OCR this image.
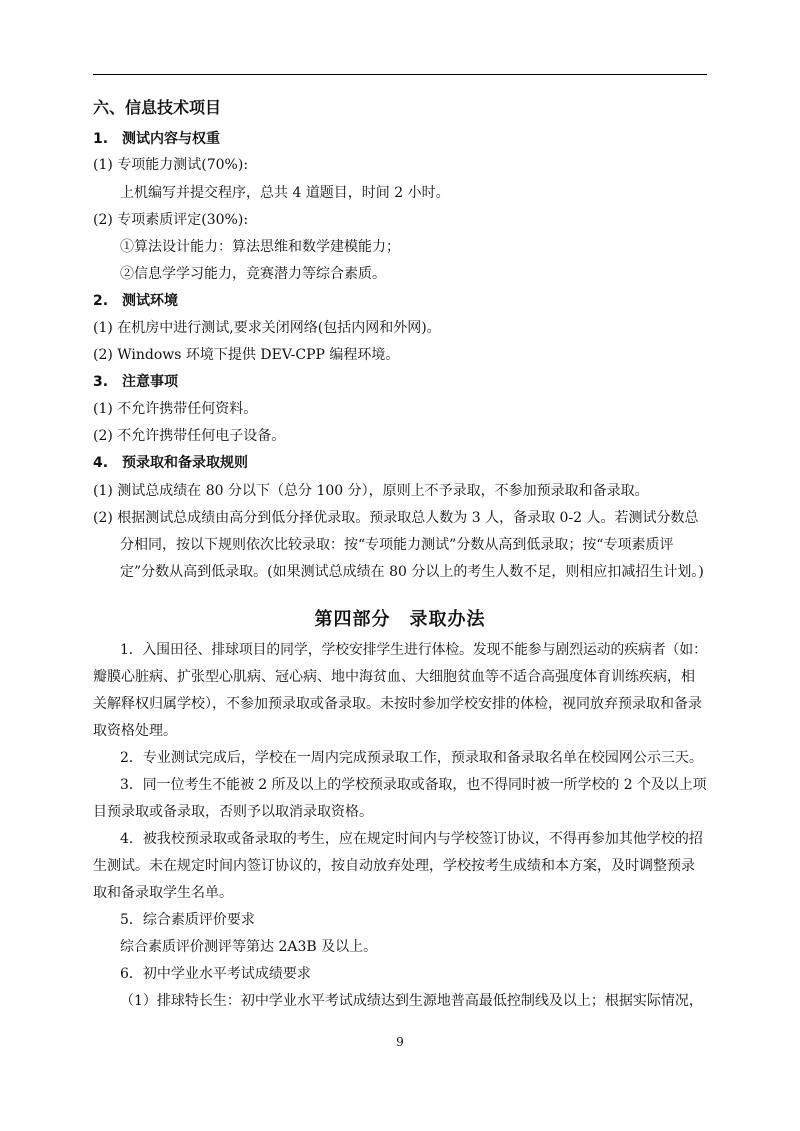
六、信息技术项目
1.　测试内容与权重
(1) 专项能力测试(70%):
上机编写并提交程序，总共 4 道题目，时间 2 小时。
(2) 专项素质评定(30%):
①算法设计能力：算法思维和数学建模能力；
②信息学学习能力，竞赛潜力等综合素质。
2.　测试环境
(1) 在机房中进行测试,要求关闭网络(包括内网和外网)。
(2) Windows 环境下提供 DEV-CPP 编程环境。
3.　注意事项
(1) 不允许携带任何资料。
(2) 不允许携带任何电子设备。
4.　预录取和备录取规则
(1) 测试总成绩在 80 分以下（总分 100 分），原则上不予录取，不参加预录取和备录取。
(2) 根据测试总成绩由高分到低分择优录取。预录取总人数为 3 人，备录取 0-2 人。若测试分数总
分相同，按以下规则依次比较录取：按“专项能力测试”分数从高到低录取；按“专项素质评
定”分数从高到低录取。(如果测试总成绩在 80 分以上的考生人数不足，则相应扣减招生计划。)
第四部分　录取办法
1．入围田径、排球项目的同学，学校安排学生进行体检。发现不能参与剧烈运动的疾病者（如：
瓣膜心脏病、扩张型心肌病、冠心病、地中海贫血、大细胞贫血等不适合高强度体育训练疾病，相
关解释权归属学校），不参加预录取或备录取。未按时参加学校安排的体检，视同放弃预录取和备录
取资格处理。
2．专业测试完成后，学校在一周内完成预录取工作，预录取和备录取名单在校园网公示三天。
3．同一位考生不能被 2 所及以上的学校预录取或备取，也不得同时被一所学校的 2 个及以上项
目预录取或备录取，否则予以取消录取资格。
4．被我校预录取或备录取的考生，应在规定时间内与学校签订协议，不得再参加其他学校的招
生测试。未在规定时间内签订协议的，按自动放弃处理，学校按考生成绩和本方案，及时调整预录
取和备录取学生名单。
5．综合素质评价要求
综合素质评价测评等第达 2A3B 及以上。
6．初中学业水平考试成绩要求
（1）排球特长生：初中学业水平考试成绩达到生源地普高最低控制线及以上；根据实际情况，
9
